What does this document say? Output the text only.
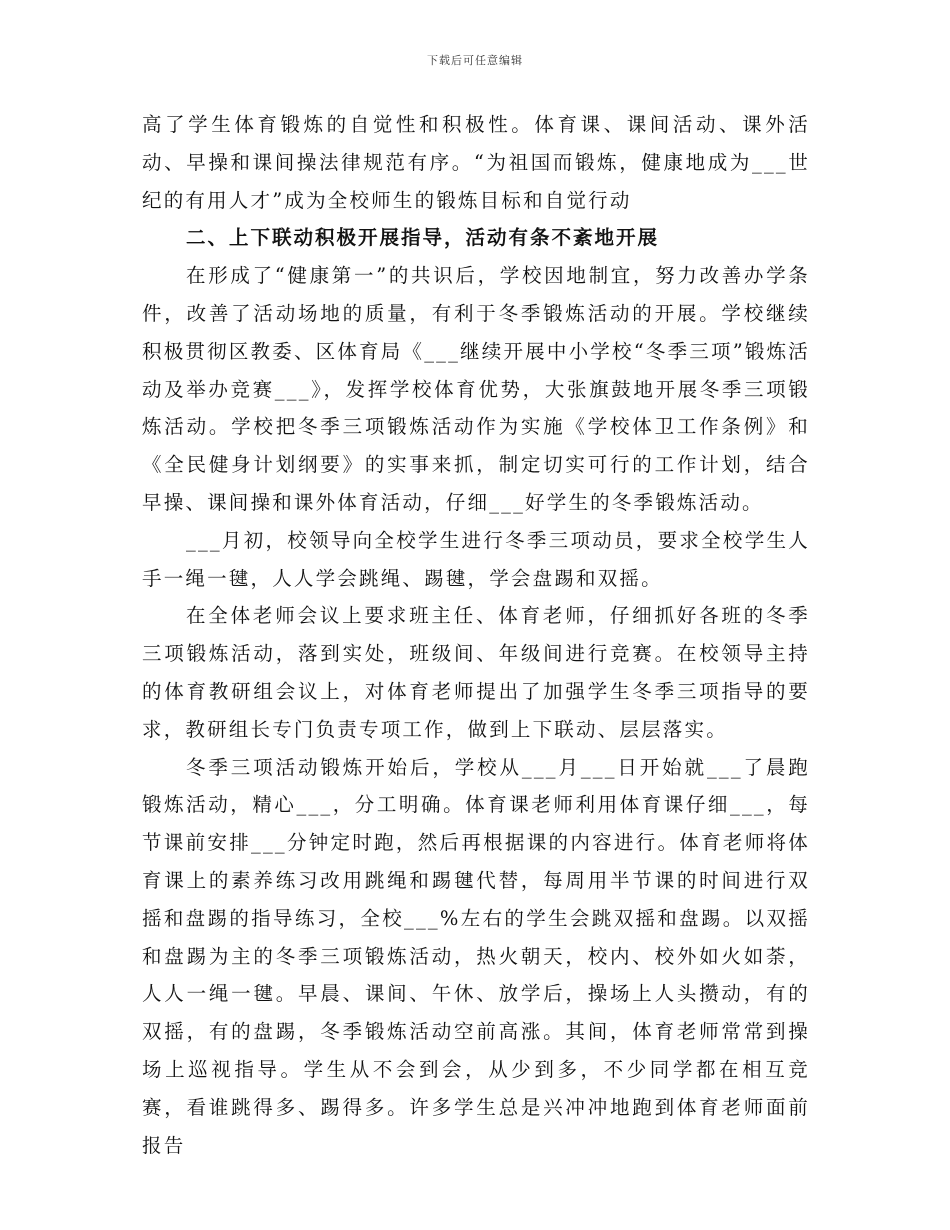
下载后可任意编辑

高了学生体育锻炼的自觉性和积极性。体育课、课间活动、课外活动、早操和课间操法律规范有序。“为祖国而锻炼，健康地成为___世纪的有用人才”成为全校师生的锻炼目标和自觉行动

二、上下联动积极开展指导，活动有条不紊地开展

在形成了“健康第一”的共识后，学校因地制宜，努力改善办学条件，改善了活动场地的质量，有利于冬季锻炼活动的开展。学校继续积极贯彻区教委、区体育局《___继续开展中小学校“冬季三项”锻炼活动及举办竞赛___》，发挥学校体育优势，大张旗鼓地开展冬季三项锻炼活动。学校把冬季三项锻炼活动作为实施《学校体卫工作条例》和《全民健身计划纲要》的实事来抓，制定切实可行的工作计划，结合早操、课间操和课外体育活动，仔细___好学生的冬季锻炼活动。

___月初，校领导向全校学生进行冬季三项动员，要求全校学生人手一绳一毽，人人学会跳绳、踢毽，学会盘踢和双摇。

在全体老师会议上要求班主任、体育老师，仔细抓好各班的冬季三项锻炼活动，落到实处，班级间、年级间进行竞赛。在校领导主持的体育教研组会议上，对体育老师提出了加强学生冬季三项指导的要求，教研组长专门负责专项工作，做到上下联动、层层落实。

冬季三项活动锻炼开始后，学校从___月___日开始就___了晨跑锻炼活动，精心___，分工明确。体育课老师利用体育课仔细___，每节课前安排___分钟定时跑，然后再根据课的内容进行。体育老师将体育课上的素养练习改用跳绳和踢毽代替，每周用半节课的时间进行双摇和盘踢的指导练习，全校___%左右的学生会跳双摇和盘踢。以双摇和盘踢为主的冬季三项锻炼活动，热火朝天，校内、校外如火如荼，人人一绳一毽。早晨、课间、午休、放学后，操场上人头攒动，有的双摇，有的盘踢，冬季锻炼活动空前高涨。其间，体育老师常常到操场上巡视指导。学生从不会到会，从少到多，不少同学都在相互竞赛，看谁跳得多、踢得多。许多学生总是兴冲冲地跑到体育老师面前报告
